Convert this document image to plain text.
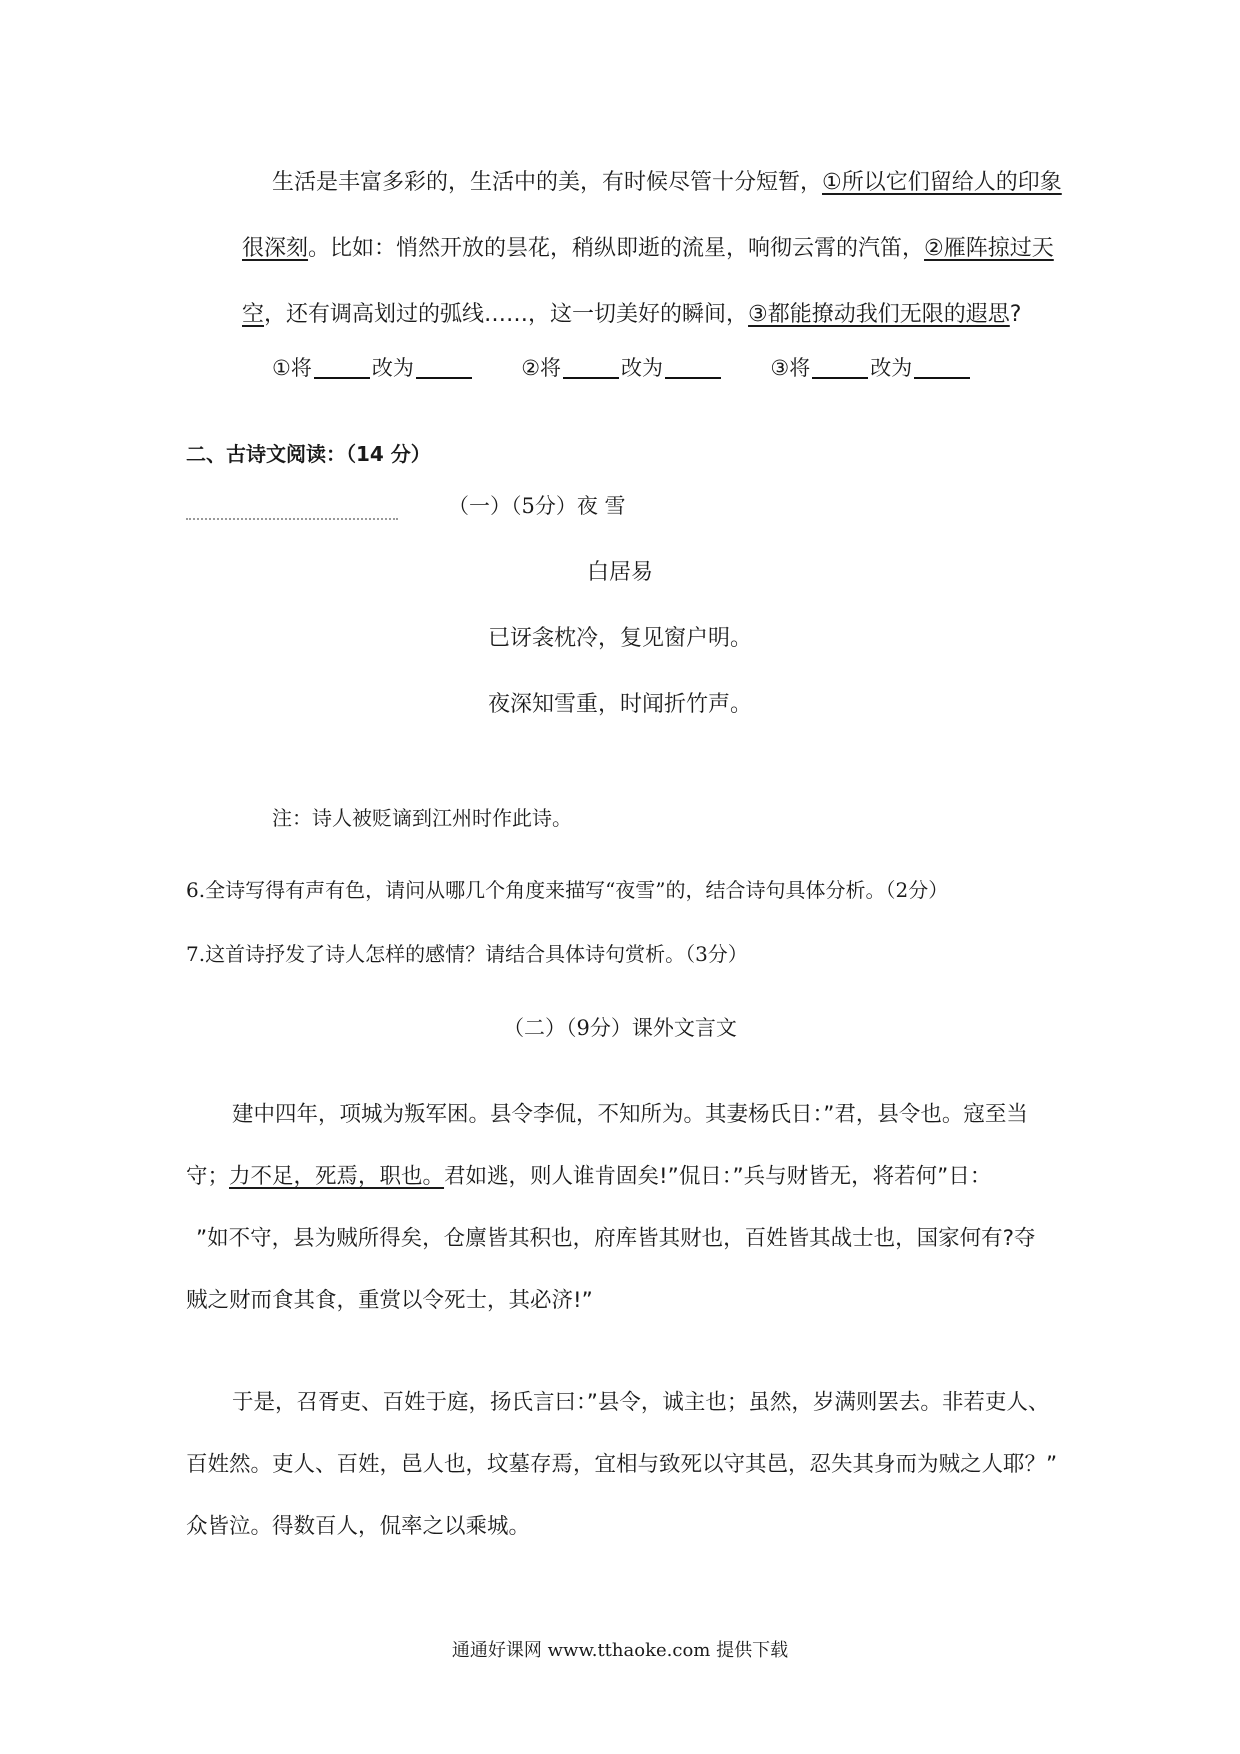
生活是丰富多彩的，生活中的美，有时候尽管十分短暂，①所以它们留给人的印象
很深刻。比如：悄然开放的昙花，稍纵即逝的流星，响彻云霄的汽笛，②雁阵掠过天
空，还有调高划过的弧线……，这一切美好的瞬间，③都能撩动我们无限的遐思?
①将	改为	②将	改为	③将	改为
二、古诗文阅读：（14 分）
（一）（5分）夜 雪
白居易
已讶衾枕冷，复见窗户明。
夜深知雪重，时闻折竹声。
注：诗人被贬谪到江州时作此诗。
6.全诗写得有声有色，请问从哪几个角度来描写“夜雪”的，结合诗句具体分析。（2分）
7.这首诗抒发了诗人怎样的感情？请结合具体诗句赏析。（3分）
（二）（9分）课外文言文
建中四年，项城为叛军困。县令李侃，不知所为。其妻杨氏日：”君，县令也。寇至当
守；力不足，死焉，职也。君如逃，则人谁肯固矣!”侃日：”兵与财皆无，将若何”日：
”如不守，县为贼所得矣，仓廪皆其积也，府库皆其财也，百姓皆其战士也，国家何有?夺
贼之财而食其食，重赏以令死士，其必济!”
于是，召胥吏、百姓于庭，扬氏言曰：”县令，诚主也；虽然，岁满则罢去。非若吏人、
百姓然。吏人、百姓，邑人也，坟墓存焉，宜相与致死以守其邑，忍失其身而为贼之人耶？”
众皆泣。得数百人，侃率之以乘城。
通通好课网 www.tthaoke.com 提供下载
